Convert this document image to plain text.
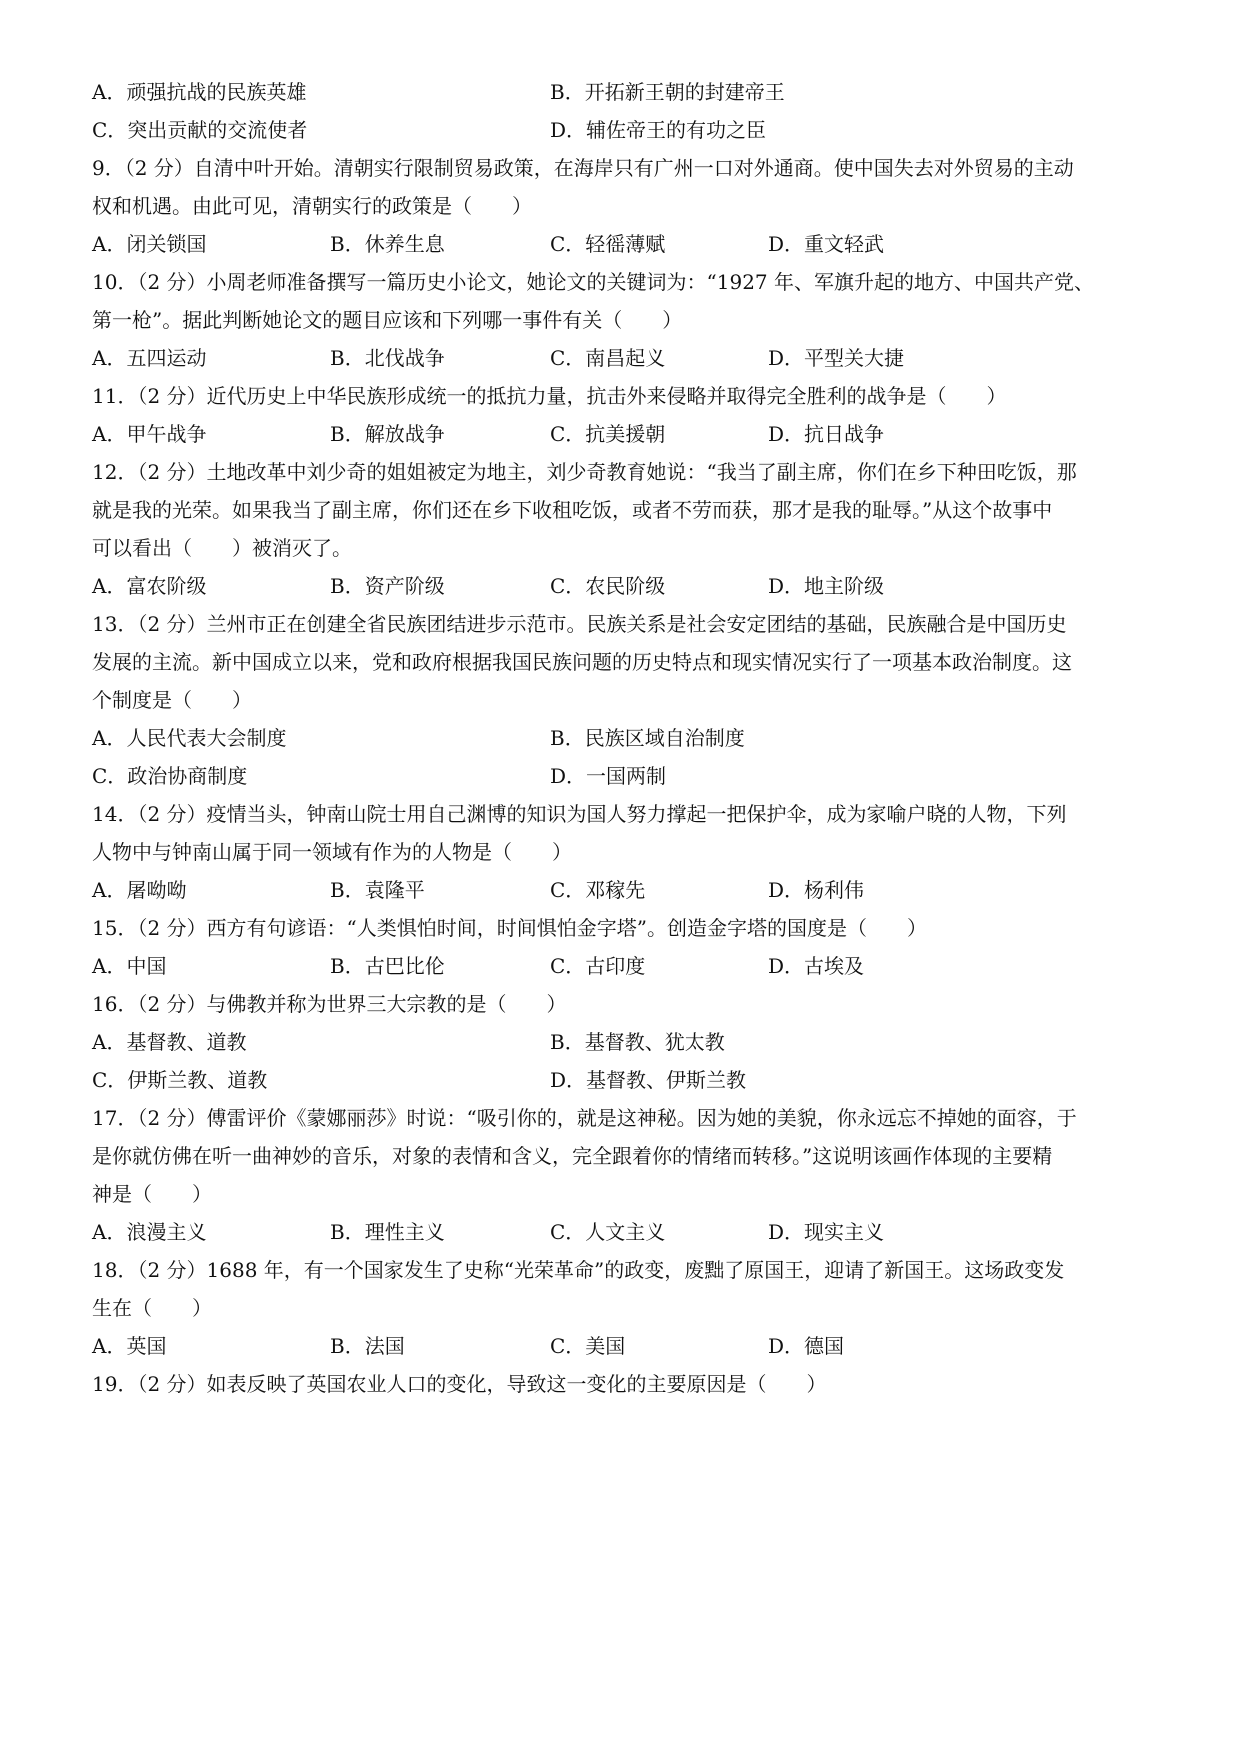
A．顽强抗战的民族英雄	B．开拓新王朝的封建帝王
C．突出贡献的交流使者	D．辅佐帝王的有功之臣
9．（2 分）自清中叶开始。清朝实行限制贸易政策，在海岸只有广州一口对外通商。使中国失去对外贸易的主动
权和机遇。由此可见，清朝实行的政策是（　　）
A．闭关锁国	B．休养生息	C．轻徭薄赋	D．重文轻武
10．（2 分）小周老师准备撰写一篇历史小论文，她论文的关键词为：“1927 年、军旗升起的地方、中国共产党、
第一枪”。据此判断她论文的题目应该和下列哪一事件有关（　　）
A．五四运动	B．北伐战争	C．南昌起义	D．平型关大捷
11．（2 分）近代历史上中华民族形成统一的抵抗力量，抗击外来侵略并取得完全胜利的战争是（　　）
A．甲午战争	B．解放战争	C．抗美援朝	D．抗日战争
12．（2 分）土地改革中刘少奇的姐姐被定为地主，刘少奇教育她说：“我当了副主席，你们在乡下种田吃饭，那
就是我的光荣。如果我当了副主席，你们还在乡下收租吃饭，或者不劳而获，那才是我的耻辱。”从这个故事中
可以看出（　　）被消灭了。
A．富农阶级	B．资产阶级	C．农民阶级	D．地主阶级
13．（2 分）兰州市正在创建全省民族团结进步示范市。民族关系是社会安定团结的基础，民族融合是中国历史
发展的主流。新中国成立以来，党和政府根据我国民族问题的历史特点和现实情况实行了一项基本政治制度。这
个制度是（　　）
A．人民代表大会制度	B．民族区域自治制度
C．政治协商制度	D．一国两制
14．（2 分）疫情当头，钟南山院士用自己渊博的知识为国人努力撑起一把保护伞，成为家喻户晓的人物，下列
人物中与钟南山属于同一领域有作为的人物是（　　）
A．屠呦呦	B．袁隆平	C．邓稼先	D．杨利伟
15．（2 分）西方有句谚语：“人类惧怕时间，时间惧怕金字塔”。创造金字塔的国度是（　　）
A．中国	B．古巴比伦	C．古印度	D．古埃及
16．（2 分）与佛教并称为世界三大宗教的是（　　）
A．基督教、道教	B．基督教、犹太教
C．伊斯兰教、道教	D．基督教、伊斯兰教
17．（2 分）傅雷评价《蒙娜丽莎》时说：“吸引你的，就是这神秘。因为她的美貌，你永远忘不掉她的面容，于
是你就仿佛在听一曲神妙的音乐，对象的表情和含义，完全跟着你的情绪而转移。”这说明该画作体现的主要精
神是（　　）
A．浪漫主义	B．理性主义	C．人文主义	D．现实主义
18．（2 分）1688 年，有一个国家发生了史称“光荣革命”的政变，废黜了原国王，迎请了新国王。这场政变发
生在（　　）
A．英国	B．法国	C．美国	D．德国
19．（2 分）如表反映了英国农业人口的变化，导致这一变化的主要原因是（　　）
